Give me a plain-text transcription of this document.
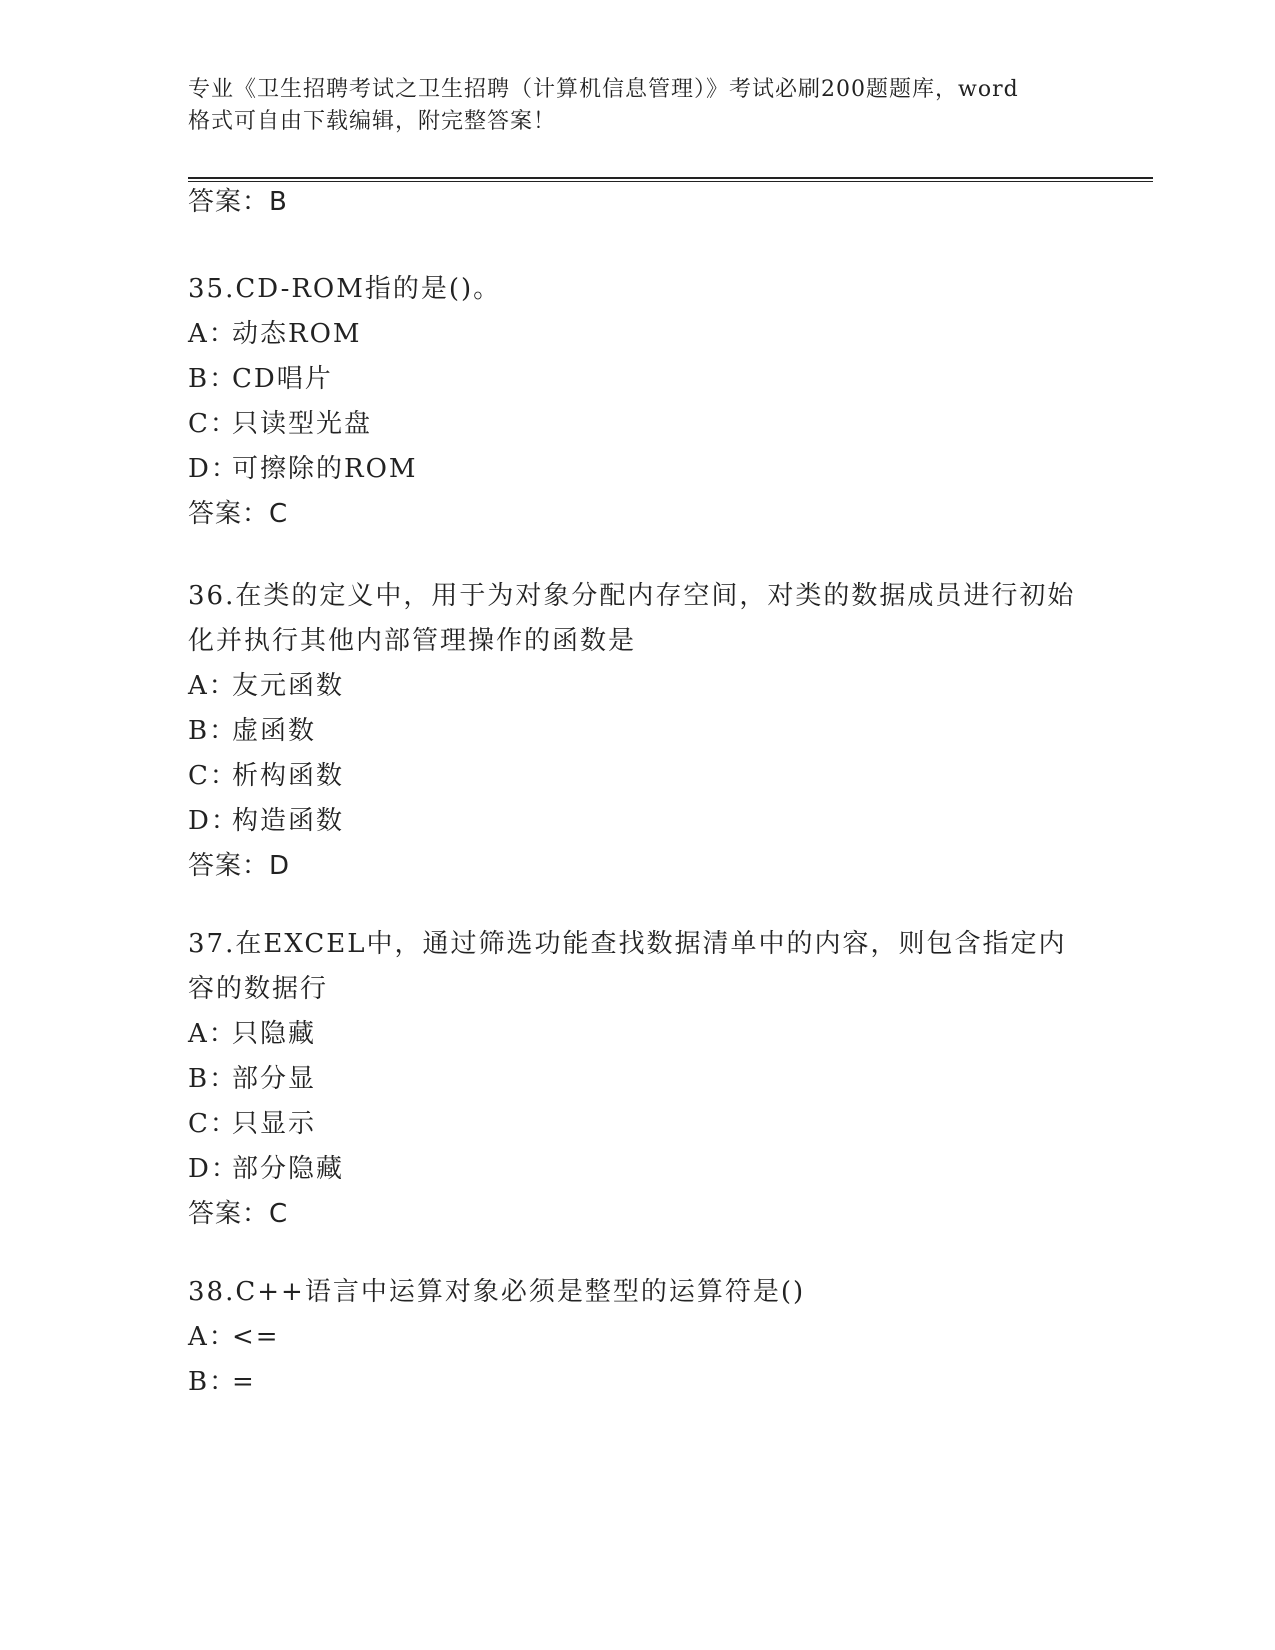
专业《卫生招聘考试之卫生招聘（计算机信息管理）》考试必刷200题题库，word
格式可自由下载编辑，附完整答案！
答案：B
35.CD-ROM指的是()。
A：动态ROM
B：CD唱片
C：只读型光盘
D：可擦除的ROM
答案：C
36.在类的定义中，用于为对象分配内存空间，对类的数据成员进行初始化并执行其他内部管理操作的函数是
A：友元函数
B：虚函数
C：析构函数
D：构造函数
答案：D
37.在EXCEL中，通过筛选功能查找数据清单中的内容，则包含指定内容的数据行
A：只隐藏
B：部分显
C：只显示
D：部分隐藏
答案：C
38.C++语言中运算对象必须是整型的运算符是()
A：<=
B：=
